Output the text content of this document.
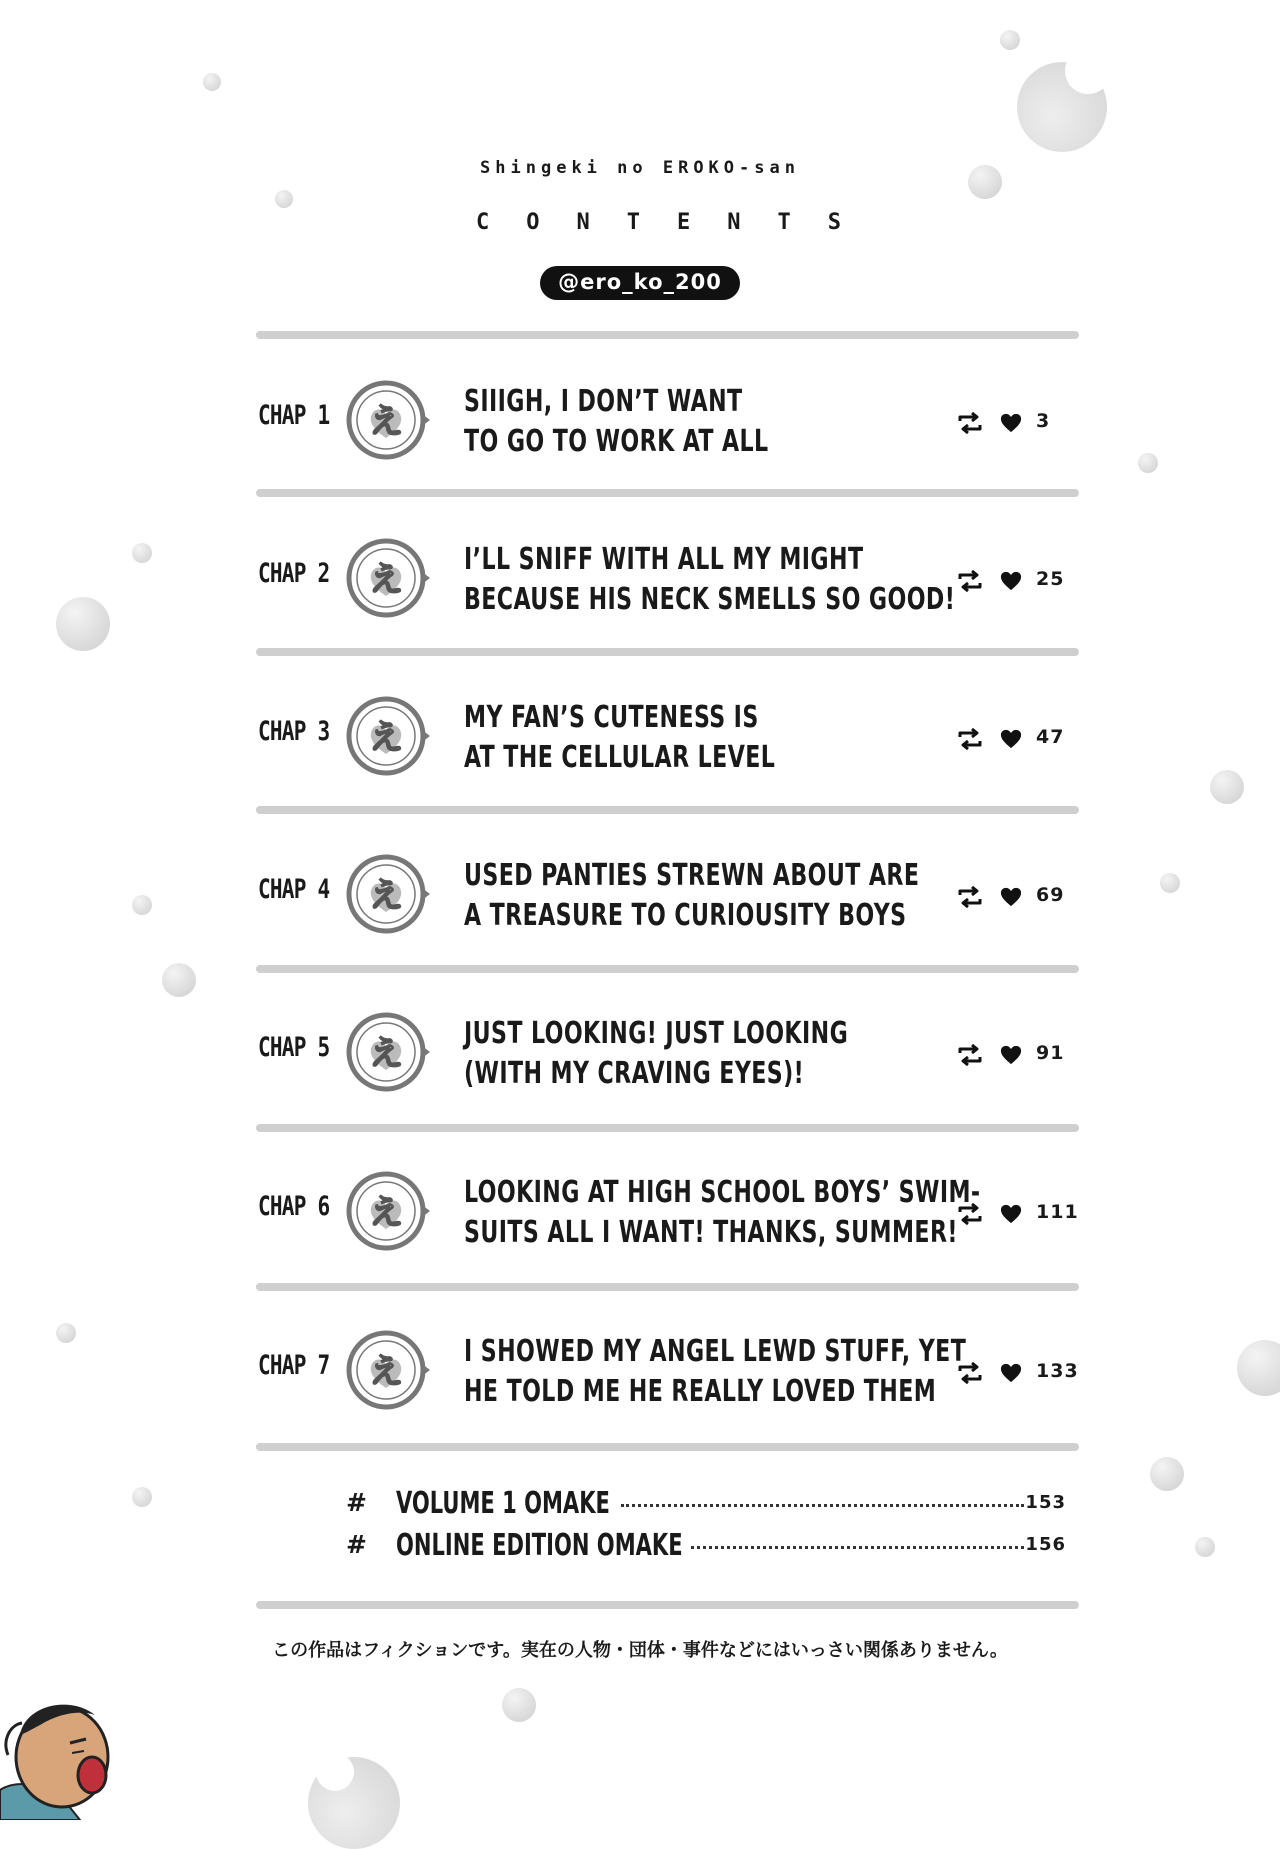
Shingeki no EROKO-san
CONTENTS
@ero_ko_200
CHAP 1 え
SIIIGH, I DON’T WANT
TO GO TO WORK AT ALL
3
CHAP 2 え
I’LL SNIFF WITH ALL MY MIGHT
BECAUSE HIS NECK SMELLS SO GOOD!
25
CHAP 3 え
MY FAN’S CUTENESS IS
AT THE CELLULAR LEVEL
47
CHAP 4 え
USED PANTIES STREWN ABOUT ARE
A TREASURE TO CURIOUSITY BOYS
69
CHAP 5 え
JUST LOOKING! JUST LOOKING
(WITH MY CRAVING EYES)!
91
CHAP 6 え
LOOKING AT HIGH SCHOOL BOYS’ SWIM-
SUITS ALL I WANT! THANKS, SUMMER!
111
CHAP 7 え
I SHOWED MY ANGEL LEWD STUFF, YET
HE TOLD ME HE REALLY LOVED THEM
133
# VOLUME 1 OMAKE	153
# ONLINE EDITION OMAKE	156
この作品はフィクションです。実在の人物・団体・事件などにはいっさい関係ありません。
